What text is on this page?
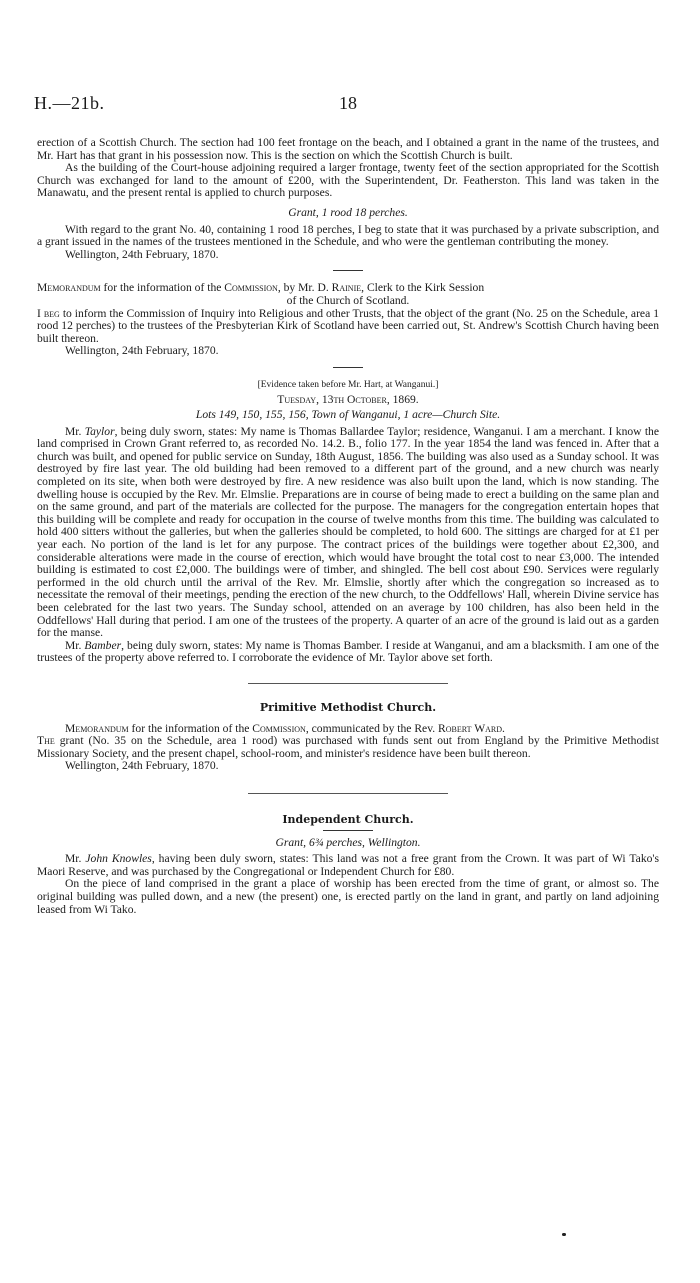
H.—21b.	18

erection of a Scottish Church. The section had 100 feet frontage on the beach, and I obtained a grant in the name of the trustees, and Mr. Hart has that grant in his possession now. This is the section on which the Scottish Church is built.

As the building of the Court-house adjoining required a larger frontage, twenty feet of the section appropriated for the Scottish Church was exchanged for land to the amount of £200, with the Superintendent, Dr. Featherston. This land was taken in the Manawatu, and the present rental is applied to church purposes.

Grant, 1 rood 18 perches.

With regard to the grant No. 40, containing 1 rood 18 perches, I beg to state that it was purchased by a private subscription, and a grant issued in the names of the trustees mentioned in the Schedule, and who were the gentleman contributing the money.

Wellington, 24th February, 1870.

Memorandum for the information of the Commission, by Mr. D. Rainie, Clerk to the Kirk Session

of the Church of Scotland.

I beg to inform the Commission of Inquiry into Religious and other Trusts, that the object of the grant (No. 25 on the Schedule, area 1 rood 12 perches) to the trustees of the Presbyterian Kirk of Scotland have been carried out, St. Andrew's Scottish Church having been built thereon.

Wellington, 24th February, 1870.

[Evidence taken before Mr. Hart, at Wanganui.]

Tuesday, 13th October, 1869.

Lots 149, 150, 155, 156, Town of Wanganui, 1 acre—Church Site.

Mr. Taylor, being duly sworn, states: My name is Thomas Ballardee Taylor; residence, Wanganui. I am a merchant. I know the land comprised in Crown Grant referred to, as recorded No. 14.2. B., folio 177. In the year 1854 the land was fenced in. After that a church was built, and opened for public service on Sunday, 18th August, 1856. The building was also used as a Sunday school. It was destroyed by fire last year. The old building had been removed to a different part of the ground, and a new church was nearly completed on its site, when both were destroyed by fire. A new residence was also built upon the land, which is now standing. The dwelling house is occupied by the Rev. Mr. Elmslie. Preparations are in course of being made to erect a building on the same plan and on the same ground, and part of the materials are collected for the purpose. The managers for the congregation entertain hopes that this building will be complete and ready for occupation in the course of twelve months from this time. The building was calculated to hold 400 sitters without the galleries, but when the galleries should be completed, to hold 600. The sittings are charged for at £1 per year each. No portion of the land is let for any purpose. The contract prices of the buildings were together about £2,300, and considerable alterations were made in the course of erection, which would have brought the total cost to near £3,000. The intended building is estimated to cost £2,000. The buildings were of timber, and shingled. The bell cost about £90. Services were regularly performed in the old church until the arrival of the Rev. Mr. Elmslie, shortly after which the congregation so increased as to necessitate the removal of their meetings, pending the erection of the new church, to the Oddfellows' Hall, wherein Divine service has been celebrated for the last two years. The Sunday school, attended on an average by 100 children, has also been held in the Oddfellows' Hall during that period. I am one of the trustees of the property. A quarter of an acre of the ground is laid out as a garden for the manse.

Mr. Bamber, being duly sworn, states: My name is Thomas Bamber. I reside at Wanganui, and am a blacksmith. I am one of the trustees of the property above referred to. I corroborate the evidence of Mr. Taylor above set forth.

Primitive Methodist Church.

Memorandum for the information of the Commission, communicated by the Rev. Robert Ward.

The grant (No. 35 on the Schedule, area 1 rood) was purchased with funds sent out from England by the Primitive Methodist Missionary Society, and the present chapel, school-room, and minister's residence have been built thereon.

Wellington, 24th February, 1870.

Independent Church.

Grant, 6¾ perches, Wellington.

Mr. John Knowles, having been duly sworn, states: This land was not a free grant from the Crown. It was part of Wi Tako's Maori Reserve, and was purchased by the Congregational or Independent Church for £80.

On the piece of land comprised in the grant a place of worship has been erected from the time of grant, or almost so. The original building was pulled down, and a new (the present) one, is erected partly on the land in grant, and partly on land adjoining leased from Wi Tako.
